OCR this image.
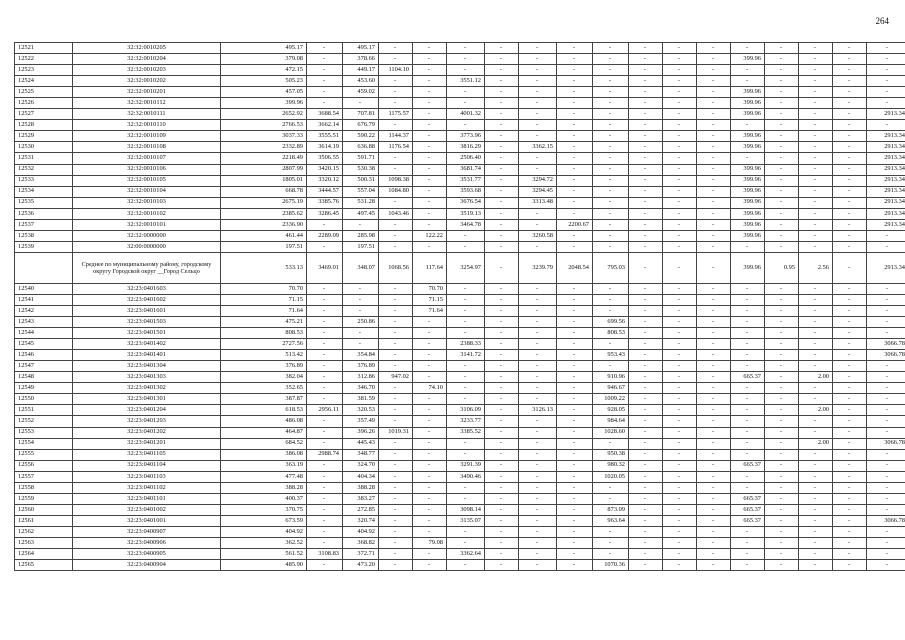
264
12521	32:32:0010205	495.17	-	495.17	-	-	-	-	-	-	-	-	-	-	-	-	-	-	-
12522	32:32:0010204	379.08	-	378.66	-	-	-	-	-	-	-	-	-	-	399.96	-	-	-	-
12523	32:32:0010203	472.15	-	449.17	1104.10	-	-	-	-	-	-	-	-	-	-	-	-	-	-
12524	32:32:0010202	505.23	-	453.60	-	-	3551.12	-	-	-	-	-	-	-	-	-	-	-	-
12525	32:32:0010201	457.05	-	459.02	-	-	-	-	-	-	-	-	-	-	399.96	-	-	-	-
12526	32:32:0010112	399.96	-	-	-	-	-	-	-	-	-	-	-	-	399.96	-	-	-	-
12527	32:32:0010111	2652.92	3688.54	707.81	1175.57	-	4001.32	-	-	-	-	-	-	-	399.96	-	-	-	2913.34
12528	32:32:0010110	2766.53	3662.14	676.79	-	-	-	-	-	-	-	-	-	-	-	-	-	-	-
12529	32:32:0010109	3037.33	3555.51	590.22	1144.37	-	3773.96	-	-	-	-	-	-	-	399.96	-	-	-	2913.34
12530	32:32:0010108	2332.89	3614.19	636.88	1176.54	-	3816.29	-	3362.15	-	-	-	-	-	399.96	-	-	-	2913.34
12531	32:32:0010107	2218.49	3506.55	591.71	-	-	2506.40	-	-	-	-	-	-	-	-	-	-	-	2913.34
12532	32:32:0010106	2807.99	3420.15	530.38	-	-	3681.74	-	-	-	-	-	-	-	399.96	-	-	-	2913.34
12533	32:32:0010105	1805.01	3320.12	500.31	1098.38	-	3531.77	-	3294.72	-	-	-	-	-	399.96	-	-	-	2913.34
12534	32:32:0010104	668.78	3444.57	557.04	1084.80	-	3593.68	-	3294.45	-	-	-	-	-	399.96	-	-	-	2913.34
12535	32:32:0010103	2675.19	3385.76	531.28	-	-	3676.54	-	3313.48	-	-	-	-	-	399.96	-	-	-	2913.34
12536	32:32:0010102	2385.62	3286.45	497.45	1043.46	-	3519.13	-	-	-	-	-	-	-	399.96	-	-	-	2913.34
12537	32:32:0010101	2336.90	-	-	-	-	3464.78	-	-	2200.67	-	-	-	-	399.96	-	-	-	2913.34
12538	32:32:0000000	461.44	2289.09	285.98	-	122.22	-	-	3260.58	-	-	-	-	-	399.96	-	-	-	-
12539	32:00:0000000	197.51	-	197.51	-	-	-	-	-	-	-	-	-	-	-	-	-	-	-
	Среднее по муниципальному району, городскому округу Городской округ __Город Сельцо	533.13	3469.01	348.07	1068.56	117.64	3254.97	-	3239.79	2048.54	795.03	-	-	-	399.96	0.95	2.56	-	2913.34
12540	32:23:0401603	70.70	-	-	-	70.70	-	-	-	-	-	-	-	-	-	-	-	-	-
12541	32:23:0401602	71.15	-	-	-	71.15	-	-	-	-	-	-	-	-	-	-	-	-	-
12542	32:23:0401601	71.64	-	-	-	71.64	-	-	-	-	-	-	-	-	-	-	-	-	-
12543	32:23:0401503	475.21	-	250.86	-	-	-	-	-	-	699.56	-	-	-	-	-	-	-	-
12544	32:23:0401501	808.53	-	-	-	-	-	-	-	-	808.53	-	-	-	-	-	-	-	-
12545	32:23:0401402	2727.56	-	-	-	-	2388.33	-	-	-	-	-	-	-	-	-	-	-	3066.78
12546	32:23:0401401	513.42	-	354.84	-	-	3141.72	-	-	-	953.43	-	-	-	-	-	-	-	3066.78
12547	32:23:0401304	376.89	-	376.89	-	-	-	-	-	-	-	-	-	-	-	-	-	-	-
12548	32:23:0401303	382.04	-	312.86	947.02	-	-	-	-	-	910.96	-	-	-	665.37	-	2.00	-	-
12549	32:23:0401302	352.65	-	346.70	-	74.10	-	-	-	-	946.67	-	-	-	-	-	-	-	-
12550	32:23:0401301	387.87	-	381.59	-	-	-	-	-	-	1009.22	-	-	-	-	-	-	-	-
12551	32:23:0401204	618.53	2956.11	320.53	-	-	3106.09	-	3126.13	-	928.05	-	-	-	-	-	2.00	-	-
12552	32:23:0401203	486.08	-	357.49	-	-	3233.77	-	-	-	984.64	-	-	-	-	-	-	-	-
12553	32:23:0401202	464.87	-	396.26	1019.31	-	3385.52	-	-	-	1028.60	-	-	-	-	-	-	-	-
12554	32:23:0401201	684.52	-	445.43	-	-	-	-	-	-	-	-	-	-	-	-	2.00	-	3066.78
12555	32:23:0401105	386.08	2988.74	348.77	-	-	-	-	-	-	950.38	-	-	-	-	-	-	-	-
12556	32:23:0401104	363.19	-	324.70	-	-	3291.39	-	-	-	980.32	-	-	-	665.37	-	-	-	-
12557	32:23:0401103	477.48	-	404.34	-	-	3490.46	-	-	-	1020.05	-	-	-	-	-	-	-	-
12558	32:23:0401102	388.28	-	388.28	-	-	-	-	-	-	-	-	-	-	-	-	-	-	-
12559	32:23:0401101	400.37	-	383.27	-	-	-	-	-	-	-	-	-	-	665.37	-	-	-	-
12560	32:23:0401002	370.75	-	272.85	-	-	3098.14	-	-	-	873.09	-	-	-	665.37	-	-	-	-
12561	32:23:0401001	673.59	-	320.74	-	-	3135.07	-	-	-	963.64	-	-	-	665.37	-	-	-	3066.78
12562	32:23:0400907	404.92	-	404.92	-	-	-	-	-	-	-	-	-	-	-	-	-	-	-
12563	32:23:0400906	362.52	-	368.82	-	79.08	-	-	-	-	-	-	-	-	-	-	-	-	-
12564	32:23:0400905	561.52	3108.83	372.71	-	-	3362.64	-	-	-	-	-	-	-	-	-	-	-	-
12565	32:23:0400904	485.90	-	473.20	-	-	-	-	-	-	1070.36	-	-	-	-	-	-	-	-
